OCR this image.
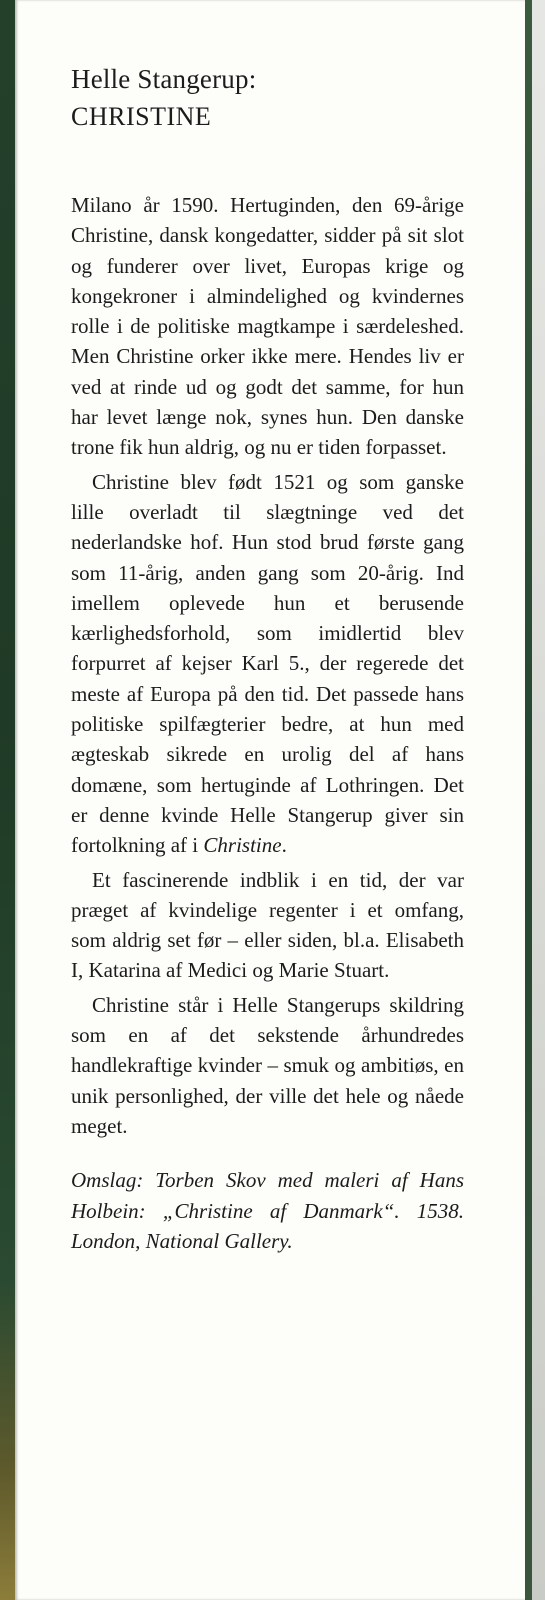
Helle Stangerup:
CHRISTINE

Milano år 1590. Hertuginden, den 69-årige Christine, dansk kongedatter, sidder på sit slot og funderer over livet, Europas krige og kongekroner i almindelighed og kvindernes rolle i de politiske magtkampe i særdeleshed. Men Christine orker ikke mere. Hendes liv er ved at rinde ud og godt det samme, for hun har levet længe nok, synes hun. Den danske trone fik hun aldrig, og nu er tiden forpasset.

Christine blev født 1521 og som ganske lille overladt til slægtninge ved det nederlandske hof. Hun stod brud første gang som 11-årig, anden gang som 20-årig. Ind imellem oplevede hun et berusende kærlighedsforhold, som imidlertid blev forpurret af kejser Karl 5., der regerede det meste af Europa på den tid. Det passede hans politiske spilfægterier bedre, at hun med ægteskab sikrede en urolig del af hans domæne, som hertuginde af Lothringen. Det er denne kvinde Helle Stangerup giver sin fortolkning af i Christine.

Et fascinerende indblik i en tid, der var præget af kvindelige regenter i et omfang, som aldrig set før – eller siden, bl.a. Elisabeth I, Katarina af Medici og Marie Stuart.

Christine står i Helle Stangerups skildring som en af det sekstende århundredes handlekraftige kvinder – smuk og ambitiøs, en unik personlighed, der ville det hele og nåede meget.

Omslag: Torben Skov med maleri af Hans Holbein: „Christine af Danmark“. 1538. London, National Gallery.
